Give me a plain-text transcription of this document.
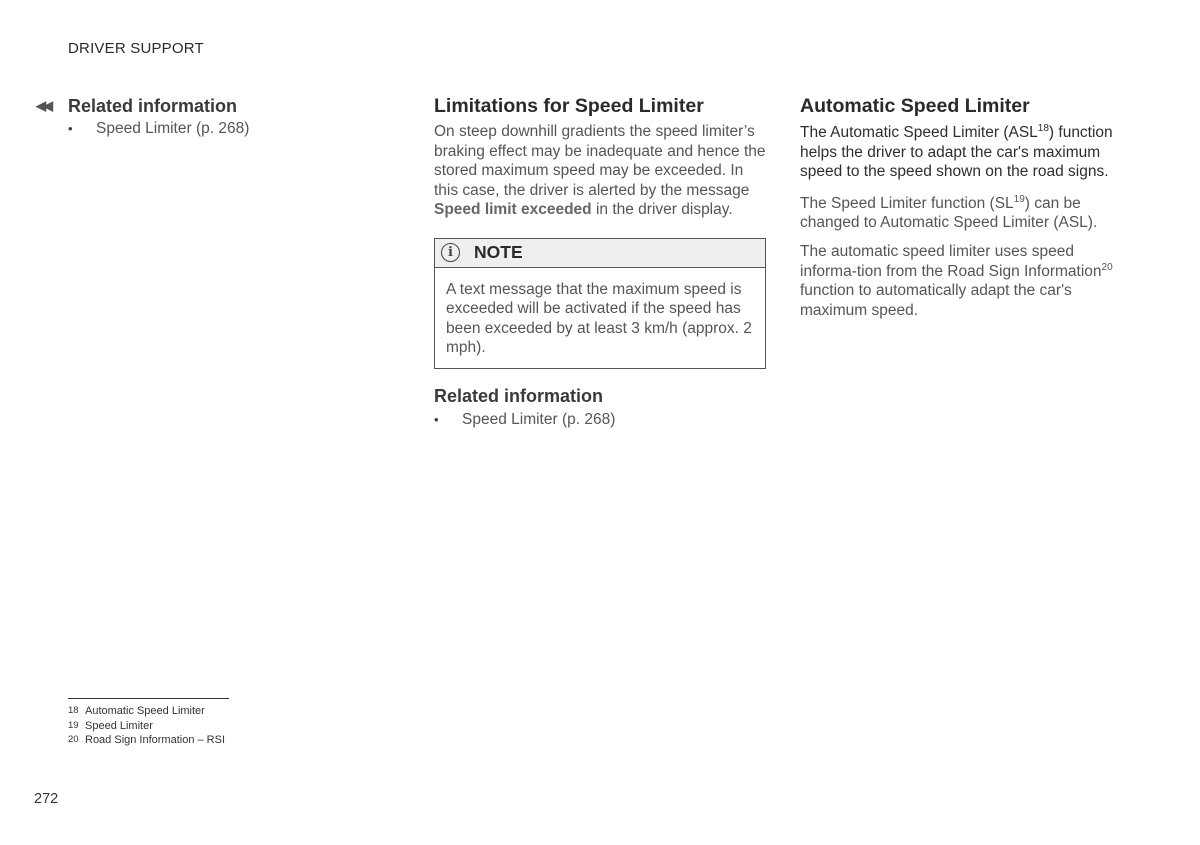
DRIVER SUPPORT
◀◀	Related information
•	Speed Limiter (p. 268)
Limitations for Speed Limiter

On steep downhill gradients the speed limiter’s braking effect may be inadequate and hence the stored maximum speed may be exceeded. In this case, the driver is alerted by the message Speed limit exceeded in the driver display.

i	NOTE
A text message that the maximum speed is exceeded will be activated if the speed has been exceeded by at least 3 km/h (approx. 2 mph).
Related information
•	Speed Limiter (p. 268)
Automatic Speed Limiter

The Automatic Speed Limiter (ASL$^{18}$) function helps the driver to adapt the car's maximum speed to the speed shown on the road signs.

The Speed Limiter function (SL$^{19}$) can be changed to Automatic Speed Limiter (ASL).

The automatic speed limiter uses speed informa-tion from the Road Sign Information$^{20}$ function to automatically adapt the car's maximum speed.

18 Automatic Speed Limiter
19 Speed Limiter
20 Road Sign Information – RSI
272
